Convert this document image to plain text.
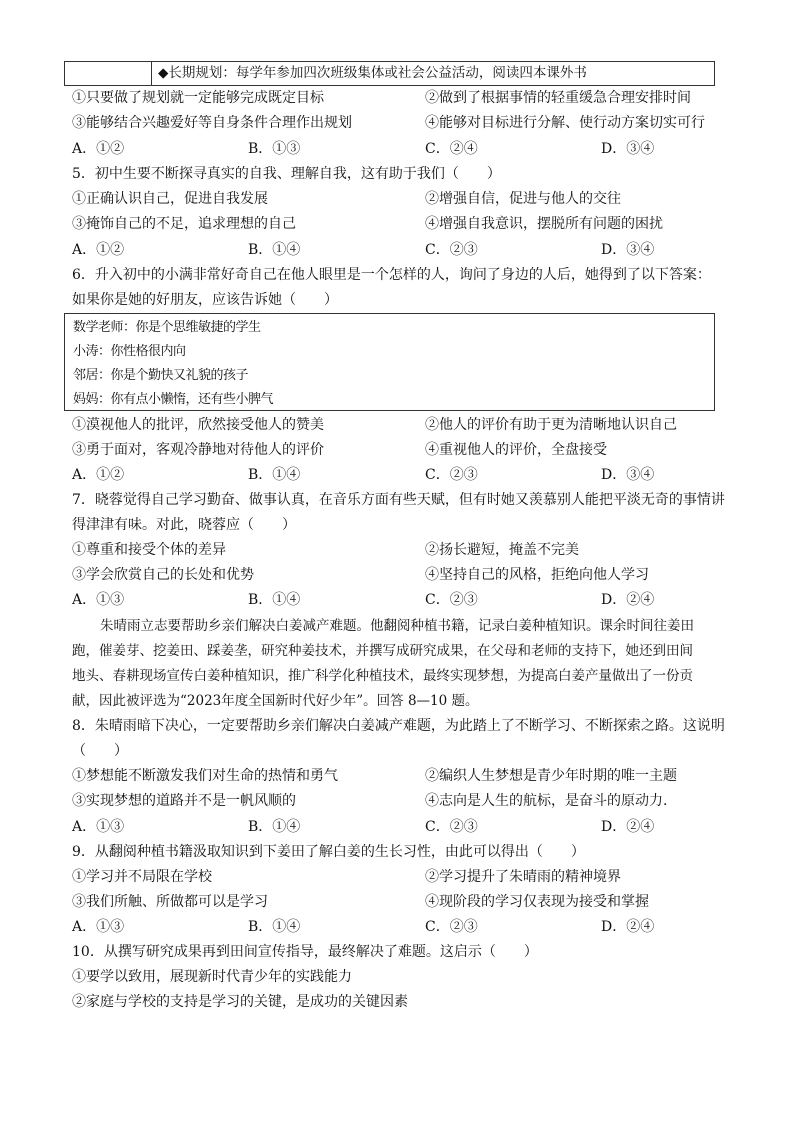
◆长期规划：每学年参加四次班级集体或社会公益活动，阅读四本课外书
①只要做了规划就一定能够完成既定目标	②做到了根据事情的轻重缓急合理安排时间
③能够结合兴趣爱好等自身条件合理作出规划	④能够对目标进行分解、使行动方案切实可行
A．①②	B．①③	C．②④	D．③④
5．初中生要不断探寻真实的自我、理解自我，这有助于我们（　　）
①正确认识自己，促进自我发展	②增强自信，促进与他人的交往
③掩饰自己的不足，追求理想的自己	④增强自我意识，摆脱所有问题的困扰
A．①②	B．①④	C．②③	D．③④
6．升入初中的小满非常好奇自己在他人眼里是一个怎样的人，询问了身边的人后，她得到了以下答案：
如果你是她的好朋友，应该告诉她（　　）
数学老师：你是个思维敏捷的学生
小涛：你性格很内向
邻居：你是个勤快又礼貌的孩子
妈妈：你有点小懒惰，还有些小脾气
①漠视他人的批评，欣然接受他人的赞美	②他人的评价有助于更为清晰地认识自己
③勇于面对，客观冷静地对待他人的评价	④重视他人的评价，全盘接受
A．①②	B．①④	C．②③	D．③④
7．晓蓉觉得自己学习勤奋、做事认真，在音乐方面有些天赋，但有时她又羡慕别人能把平淡无奇的事情讲
得津津有味。对此，晓蓉应（　　）
①尊重和接受个体的差异	②扬长避短，掩盖不完美
③学会欣赏自己的长处和优势	④坚持自己的风格，拒绝向他人学习
A．①③	B．①④	C．②③	D．②④
朱晴雨立志要帮助乡亲们解决白姜减产难题。他翻阅种植书籍，记录白姜种植知识。课余时间往姜田
跑，催姜芽、挖姜田、踩姜垄，研究种姜技术，并撰写成研究成果，在父母和老师的支持下，她还到田间
地头、春耕现场宣传白姜种植知识，推广科学化种植技术，最终实现梦想，为提高白姜产量做出了一份贡
献，因此被评选为“2023年度全国新时代好少年”。回答 8—10 题。
8．朱晴雨暗下决心，一定要帮助乡亲们解决白姜减产难题，为此踏上了不断学习、不断探索之路。这说明
（　　）
①梦想能不断激发我们对生命的热情和勇气	②编织人生梦想是青少年时期的唯一主题
③实现梦想的道路并不是一帆风顺的	④志向是人生的航标，是奋斗的原动力.
A．①③	B．①④	C．②③	D．②④
9．从翻阅种植书籍汲取知识到下姜田了解白姜的生长习性，由此可以得出（　　）
①学习并不局限在学校	②学习提升了朱晴雨的精神境界
③我们所触、所做都可以是学习	④现阶段的学习仅表现为接受和掌握
A．①③	B．①④	C．②③	D．②④
10．从撰写研究成果再到田间宣传指导，最终解决了难题。这启示（　　）
①要学以致用，展现新时代青少年的实践能力
②家庭与学校的支持是学习的关键，是成功的关键因素
